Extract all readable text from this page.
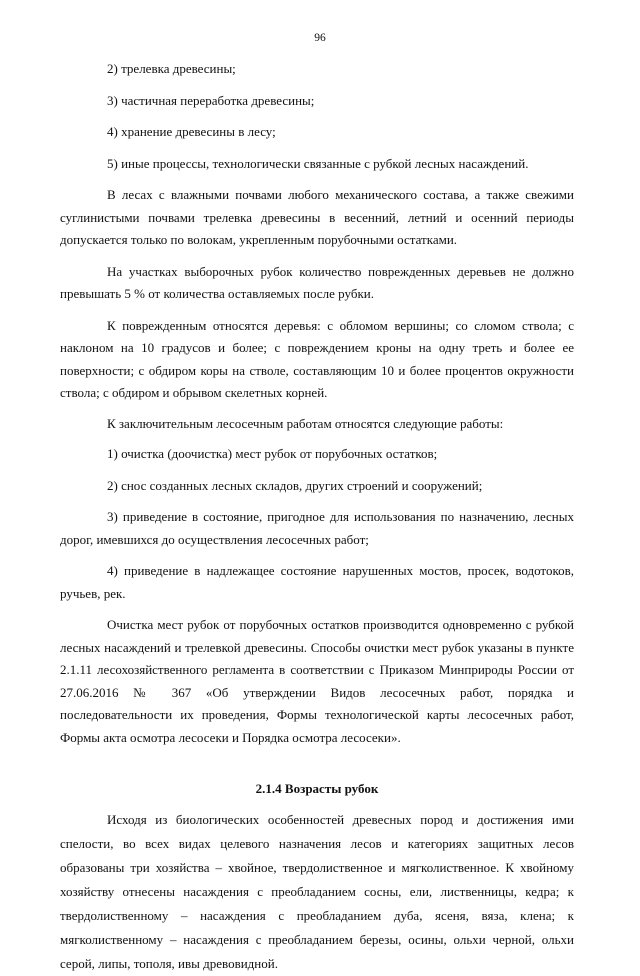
96

2) трелевка древесины;

3) частичная переработка древесины;

4) хранение древесины в лесу;

5) иные процессы, технологически связанные с рубкой лесных насаждений.

В лесах с влажными почвами любого механического состава, а также свежими суглинистыми почвами трелевка древесины в весенний, летний и осенний периоды допускается только по волокам, укрепленным порубочными остатками.

На участках выборочных рубок количество поврежденных деревьев не должно превышать 5 % от количества оставляемых после рубки.

К поврежденным относятся деревья: с обломом вершины; со сломом ствола; с наклоном на 10 градусов и более; с повреждением кроны на одну треть и более ее поверхности; с обдиром коры на стволе, составляющим 10 и более процентов окружности ствола; с обдиром и обрывом скелетных корней.

К заключительным лесосечным работам относятся следующие работы:

1) очистка (доочистка) мест рубок от порубочных остатков;

2) снос созданных лесных складов, других строений и сооружений;

3) приведение в состояние, пригодное для использования по назначению, лесных дорог, имевшихся до осуществления лесосечных работ;

4) приведение в надлежащее состояние нарушенных мостов, просек, водотоков, ручьев, рек.

Очистка мест рубок от порубочных остатков производится одновременно с рубкой лесных насаждений и трелевкой древесины. Способы очистки мест рубок указаны в пункте 2.1.11 лесохозяйственного регламента в соответствии с Приказом Минприроды России от 27.06.2016 № 367 «Об утверждении Видов лесосечных работ, порядка и последовательности их проведения, Формы технологической карты лесосечных работ, Формы акта осмотра лесосеки и Порядка осмотра лесосеки».

2.1.4 Возрасты рубок

Исходя из биологических особенностей древесных пород и достижения ими спелости, во всех видах целевого назначения лесов и категориях защитных лесов образованы три хозяйства – хвойное, твердолиственное и мягколиственное. К хвойному хозяйству отнесены насаждения с преобладанием сосны, ели, лиственницы, кедра; к твердолиственному – насаждения с преобладанием дуба, ясеня, вяза, клена; к мягколиственному – насаждения с преобладанием березы, осины, ольхи черной, ольхи серой, липы, тополя, ивы древовидной.
